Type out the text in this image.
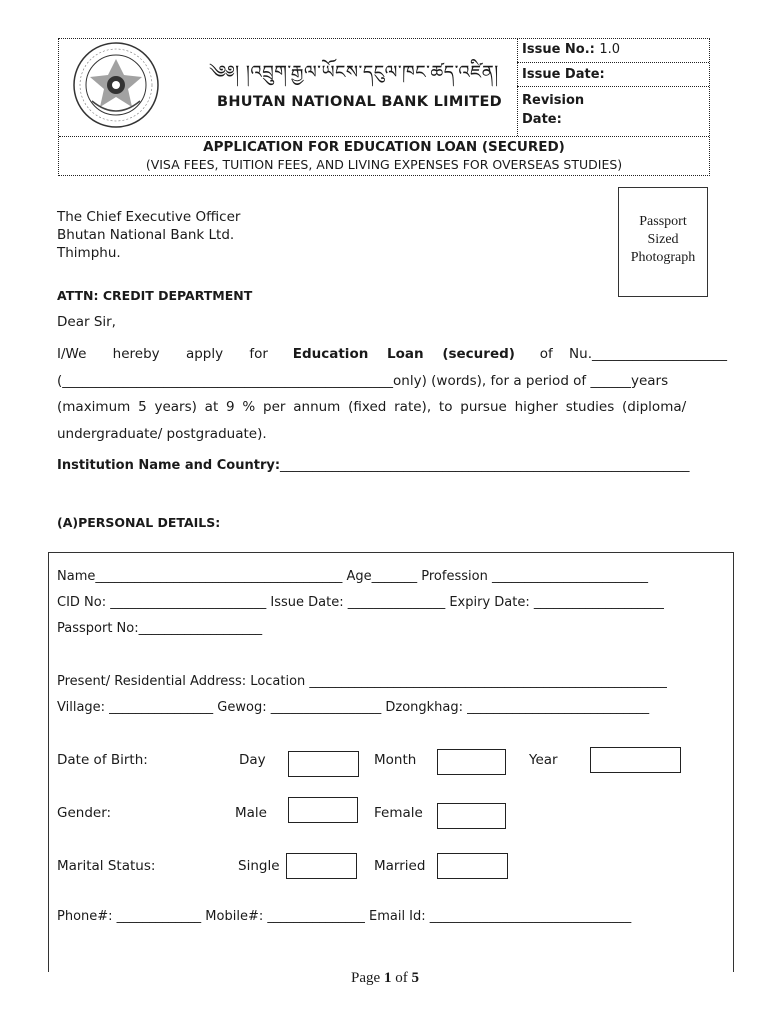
༄༅། །འབྲུག་རྒྱལ་ཡོངས་དངུལ་ཁང་ཚད་འཛིན།
BHUTAN NATIONAL BANK LIMITED
Issue No.: 1.0
Issue Date:
Revision
Date:
APPLICATION FOR EDUCATION LOAN (SECURED)
(VISA FEES, TUITION FEES, AND LIVING EXPENSES FOR OVERSEAS STUDIES)
Passport
Sized
Photograph
The Chief Executive Officer
Bhutan National Bank Ltd.
Thimphu.
ATTN: CREDIT DEPARTMENT
Dear Sir,
I/We hereby apply for Education Loan (secured) of Nu.____________________
(_________________________________________________only) (words), for a period of ______years
(maximum 5 years) at 9 % per annum (fixed rate), to pursue higher studies (diploma/
undergraduate/ postgraduate).
Institution Name and Country:_______________________________________________________________
(A)PERSONAL DETAILS:
Name______________________________________ Age_______ Profession ________________________
CID No: ________________________ Issue Date: _______________ Expiry Date: ____________________
Passport No:___________________
Present/ Residential Address: Location _______________________________________________________
Village: ________________ Gewog: _________________ Dzongkhag: ____________________________
Date of Birth:	Day	Month	Year
Gender:	Male	Female
Marital Status:	Single	Married
Phone#: _____________ Mobile#: _______________ Email Id: _______________________________
Page 1 of 5
